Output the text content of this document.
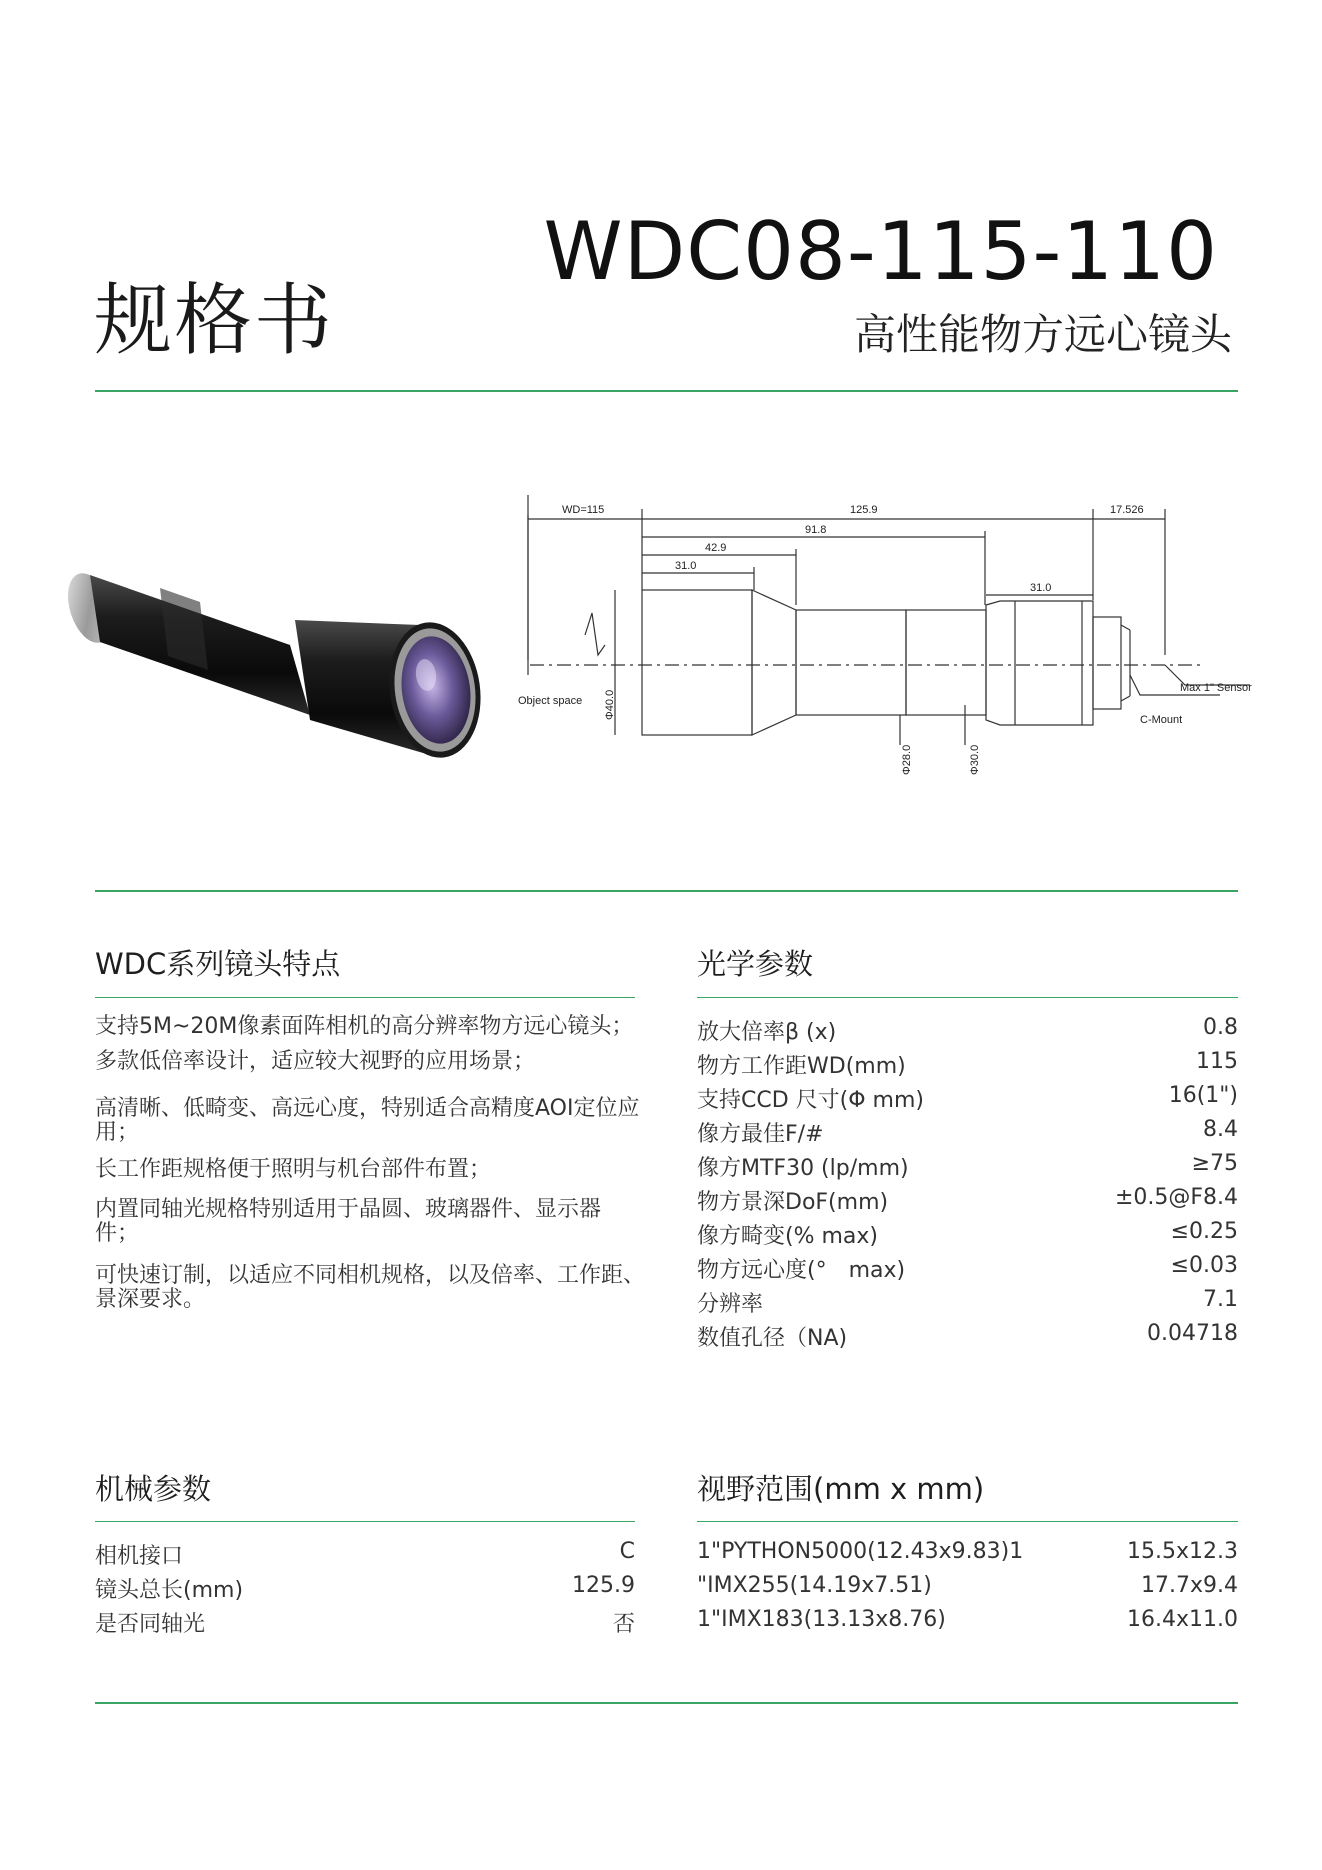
规格书
WDC08-115-110
高性能物方远心镜头
WD=115	125.9	17.526
91.8
42.9
31.0
31.0
Object space
Max 1" Sensor
C-Mount
Φ40.0
Φ28.0	Φ30.0
WDC系列镜头特点
支持5M~20M像素面阵相机的高分辨率物方远心镜头；
多款低倍率设计，适应较大视野的应用场景；
高清晰、低畸变、高远心度，特别适合高精度AOI定位应用；
长工作距规格便于照明与机台部件布置；
内置同轴光规格特别适用于晶圆、玻璃器件、显示器件；
可快速订制，以适应不同相机规格，以及倍率、工作距、景深要求。
光学参数
放大倍率β (x)	0.8
物方工作距WD(mm)	115
支持CCD 尺寸(Φ mm)	16(1")
像方最佳F/#	8.4
像方MTF30 (lp/mm)	≥75
物方景深DoF(mm)	±0.5@F8.4
像方畸变(% max)	≤0.25
物方远心度(°　max)	≤0.03
分辨率	7.1
数值孔径（NA)	0.04718
机械参数
相机接口	C
镜头总长(mm)	125.9
是否同轴光	否
视野范围(mm x mm)
1"PYTHON5000(12.43x9.83)1	15.5x12.3
"IMX255(14.19x7.51)	17.7x9.4
1"IMX183(13.13x8.76)	16.4x11.0
